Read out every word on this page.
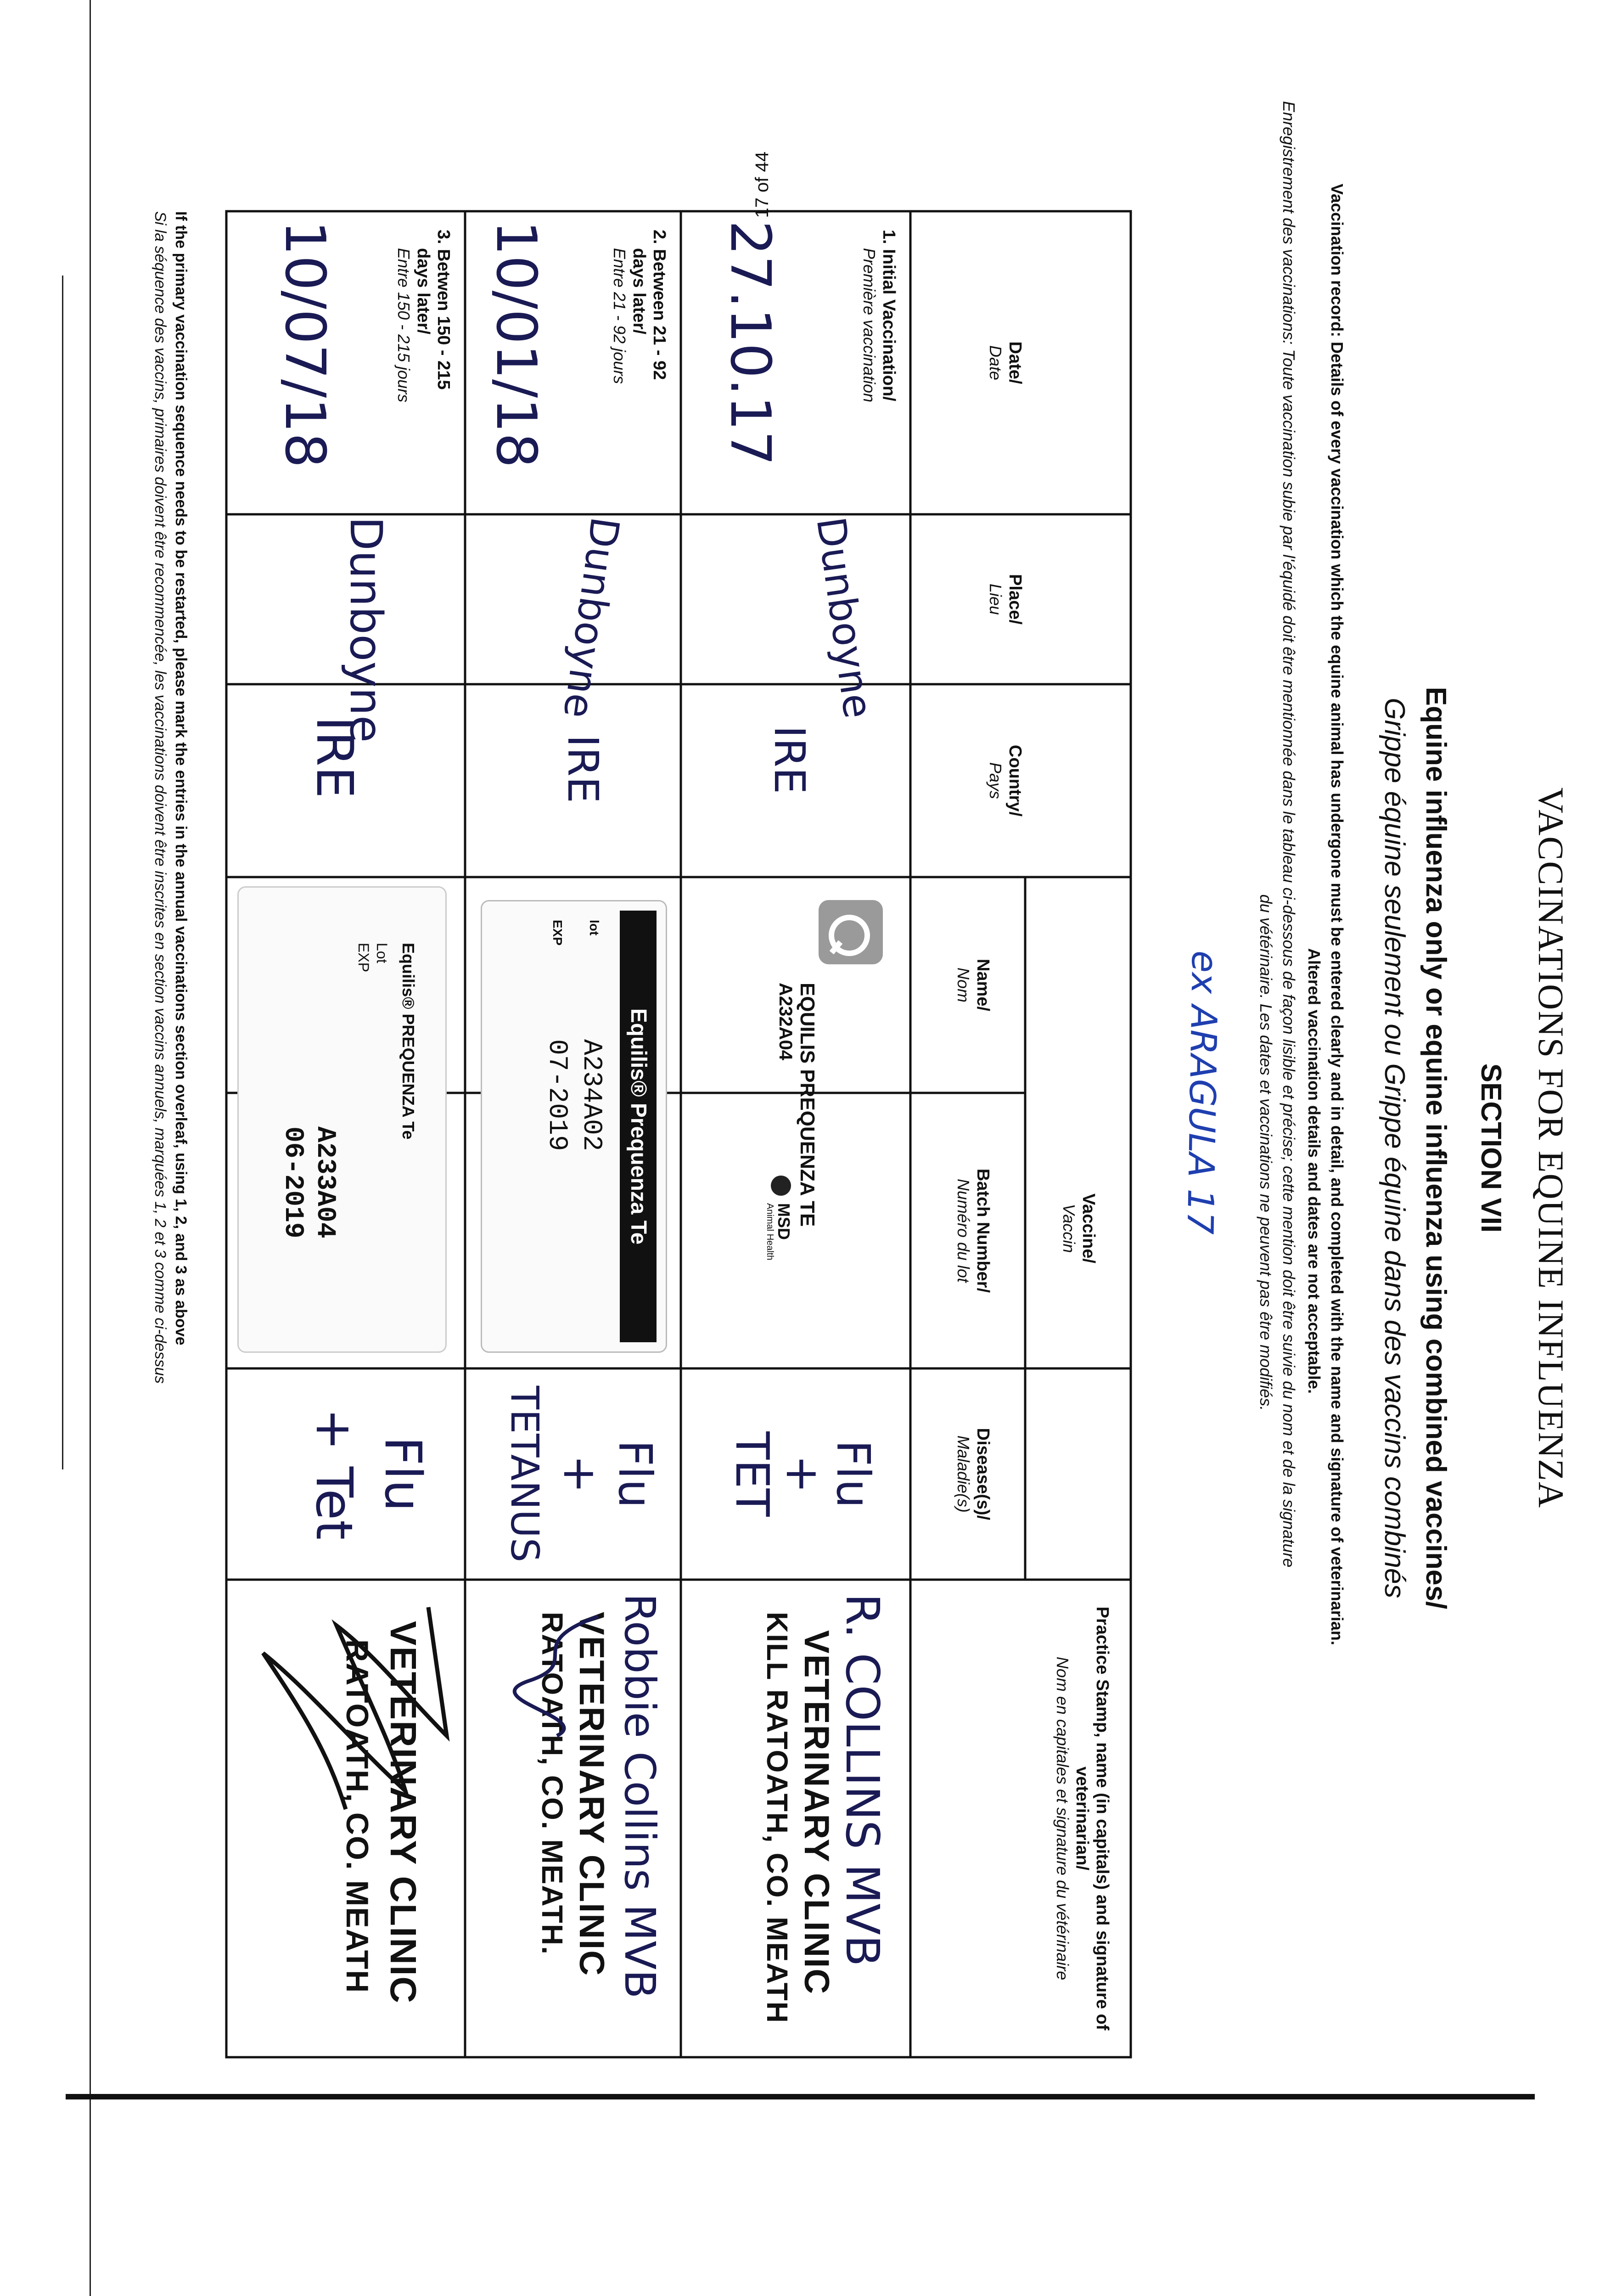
VACCINATIONS FOR EQUINE INFLUENZA
SECTION VII
Equine influenza only or equine influenza using combined vaccines/
Grippe équine seulement ou Grippe équine dans des vaccins combinés
Vaccination record: Details of every vaccination which the equine animal has undergone must be entered clearly and in detail, and completed with the name and signature of veterinarian.
Altered vaccination details and dates are not acceptable.
Enregistrement des vaccinations: Toute vaccination subie par l'équidé doit être mentionnée dans le tableau ci-dessous de façon lisible et précise; cette mention doit être suivie du nom et de la signature
du vétérinaire. Les dates et vaccinations ne peuvent pas être modifiés.
ex ARAGULA 17
Date/
Date
Place/
Lieu
Country/
Pays
Vaccine/
Vaccin
Name/
Nom
Batch Number/
Numéro du lot
Disease(s)/
Maladie(s)
Practice Stamp, name (in capitals) and signature of veterinarian/
Nom en capitales et signature du vétérinaire
1. Initial Vaccination/
Première vaccination
27.10.17
Dunboyne
IRE
EQUILIS PREQUENZA TE
A232A04
MSD
Animal Health
Flu
+
TET
R. COLLINS MVB
VETERINARY CLINIC
KILL RATOATH, CO. MEATH
2. Between 21 - 92
days later/
Entre 21 - 92 jours
10/01/18
Dunboyne
IRE
Equilis® Prequenza Te
lot
EXP
A234A02
07-2019
Flu
+
TETANUS
Robbie Collins MVB
VETERINARY CLINIC
RATOATH, CO. MEATH.
3. Betwen 150 - 215
days later/
Entre 150 - 215 jours
10/07/18
Dunboyne
IRE
Equilis® PREQUENZA Te
Lot
EXP
A233A04
06-2019
Flu
+ Tet
VETERINARY CLINIC
RATOATH, CO. MEATH
If the primary vaccination sequence needs to be restarted, please mark the entries in the annual vaccinations section overleaf, using 1, 2, and 3 as above
Si la séquence des vaccins, primaires doivent être recommencée, les vaccinations doivent être inscrites en section vaccins annuels, marquées 1, 2 et 3 comme ci-dessus
17 of 44
